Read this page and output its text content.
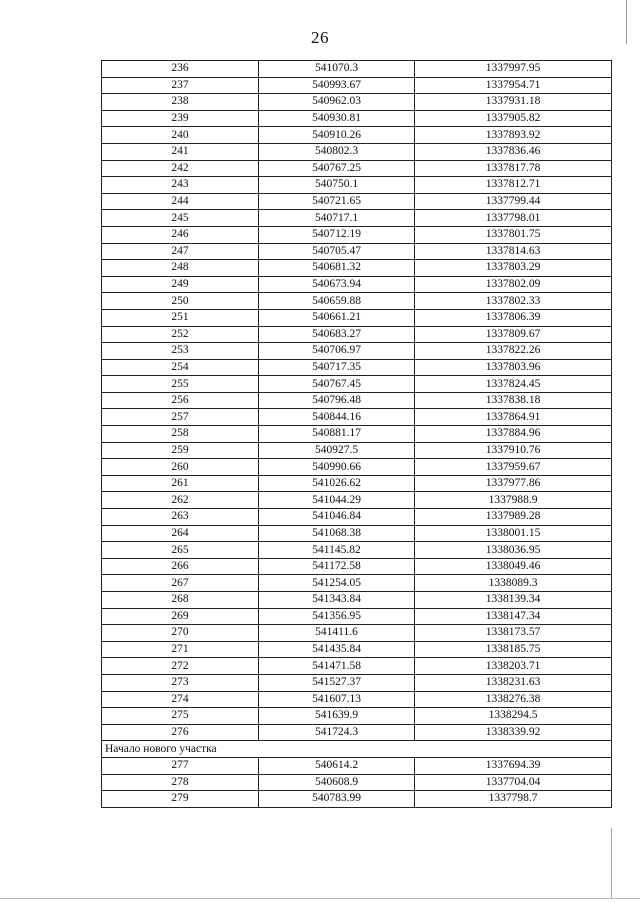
26
236	541070.3	1337997.95
237	540993.67	1337954.71
238	540962.03	1337931.18
239	540930.81	1337905.82
240	540910.26	1337893.92
241	540802.3	1337836.46
242	540767.25	1337817.78
243	540750.1	1337812.71
244	540721.65	1337799.44
245	540717.1	1337798.01
246	540712.19	1337801.75
247	540705.47	1337814.63
248	540681.32	1337803.29
249	540673.94	1337802.09
250	540659.88	1337802.33
251	540661.21	1337806.39
252	540683.27	1337809.67
253	540706.97	1337822.26
254	540717.35	1337803.96
255	540767.45	1337824.45
256	540796.48	1337838.18
257	540844.16	1337864.91
258	540881.17	1337884.96
259	540927.5	1337910.76
260	540990.66	1337959.67
261	541026.62	1337977.86
262	541044.29	1337988.9
263	541046.84	1337989.28
264	541068.38	1338001.15
265	541145.82	1338036.95
266	541172.58	1338049.46
267	541254.05	1338089.3
268	541343.84	1338139.34
269	541356.95	1338147.34
270	541411.6	1338173.57
271	541435.84	1338185.75
272	541471.58	1338203.71
273	541527.37	1338231.63
274	541607.13	1338276.38
275	541639.9	1338294.5
276	541724.3	1338339.92
Начало нового участка		
277	540614.2	1337694.39
278	540608.9	1337704.04
279	540783.99	1337798.7
